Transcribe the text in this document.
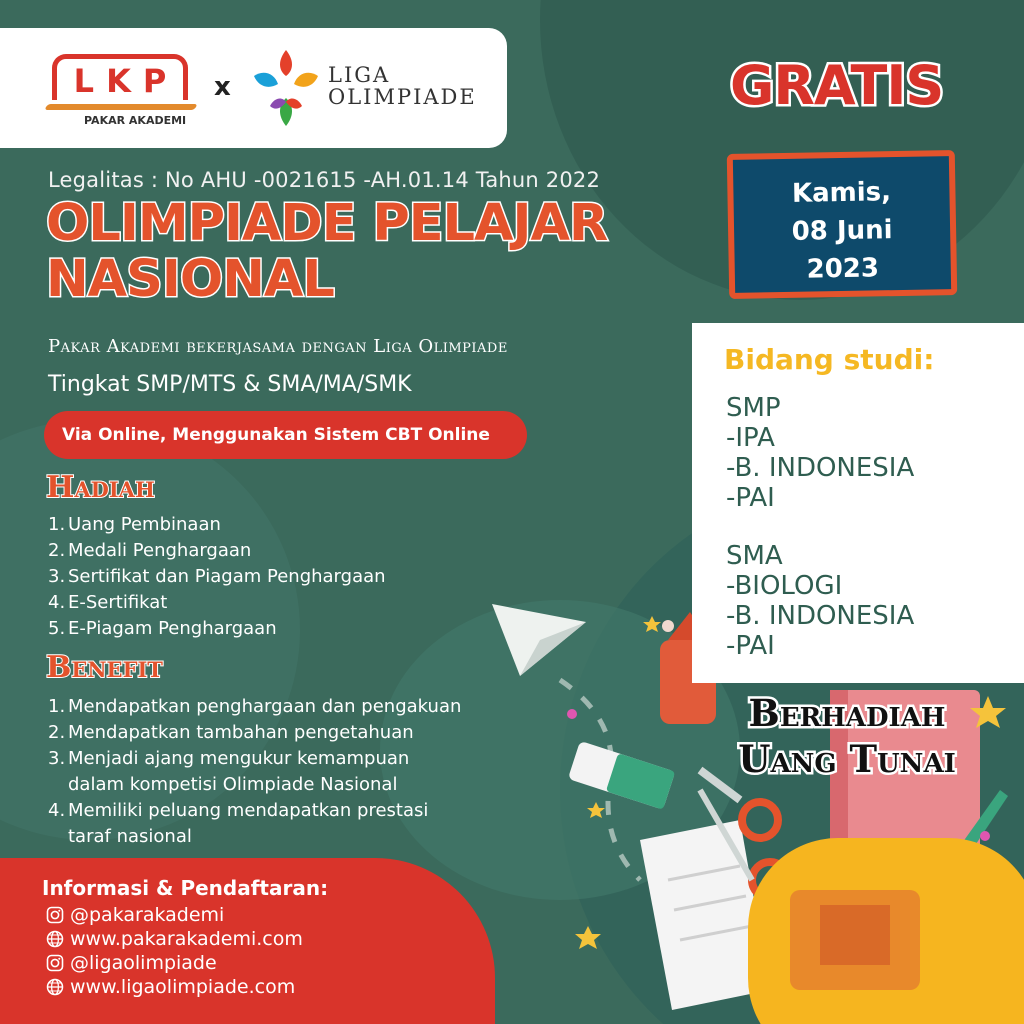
LKP
PAKAR AKADEMI
x	LIGA
OLIMPIADE
Legalitas : No AHU -0021615 -AH.01.14 Tahun 2022
OLIMPIADE PELAJAR
NASIONAL
Pakar Akademi bekerjasama dengan Liga Olimpiade
Tingkat SMP/MTS & SMA/MA/SMK
Via Online, Menggunakan Sistem CBT Online
Hadiah
1. Uang Pembinaan
2. Medali Penghargaan
3. Sertifikat dan Piagam Penghargaan
4. E-Sertifikat
5. E-Piagam Penghargaan
Benefit
1. Mendapatkan penghargaan dan pengakuan
2. Mendapatkan tambahan pengetahuan
3. Menjadi ajang mengukur kemampuan
dalam kompetisi Olimpiade Nasional
4. Memiliki peluang mendapatkan prestasi
taraf nasional
GRATIS
Kamis,
08 Juni
2023
Bidang studi:
SMP
-IPA
-B. INDONESIA
-PAI
SMA
-BIOLOGI
-B. INDONESIA
-PAI
Berhadiah
Uang Tunai
Informasi & Pendaftaran:
@pakarakademi
www.pakarakademi.com
@ligaolimpiade
www.ligaolimpiade.com
